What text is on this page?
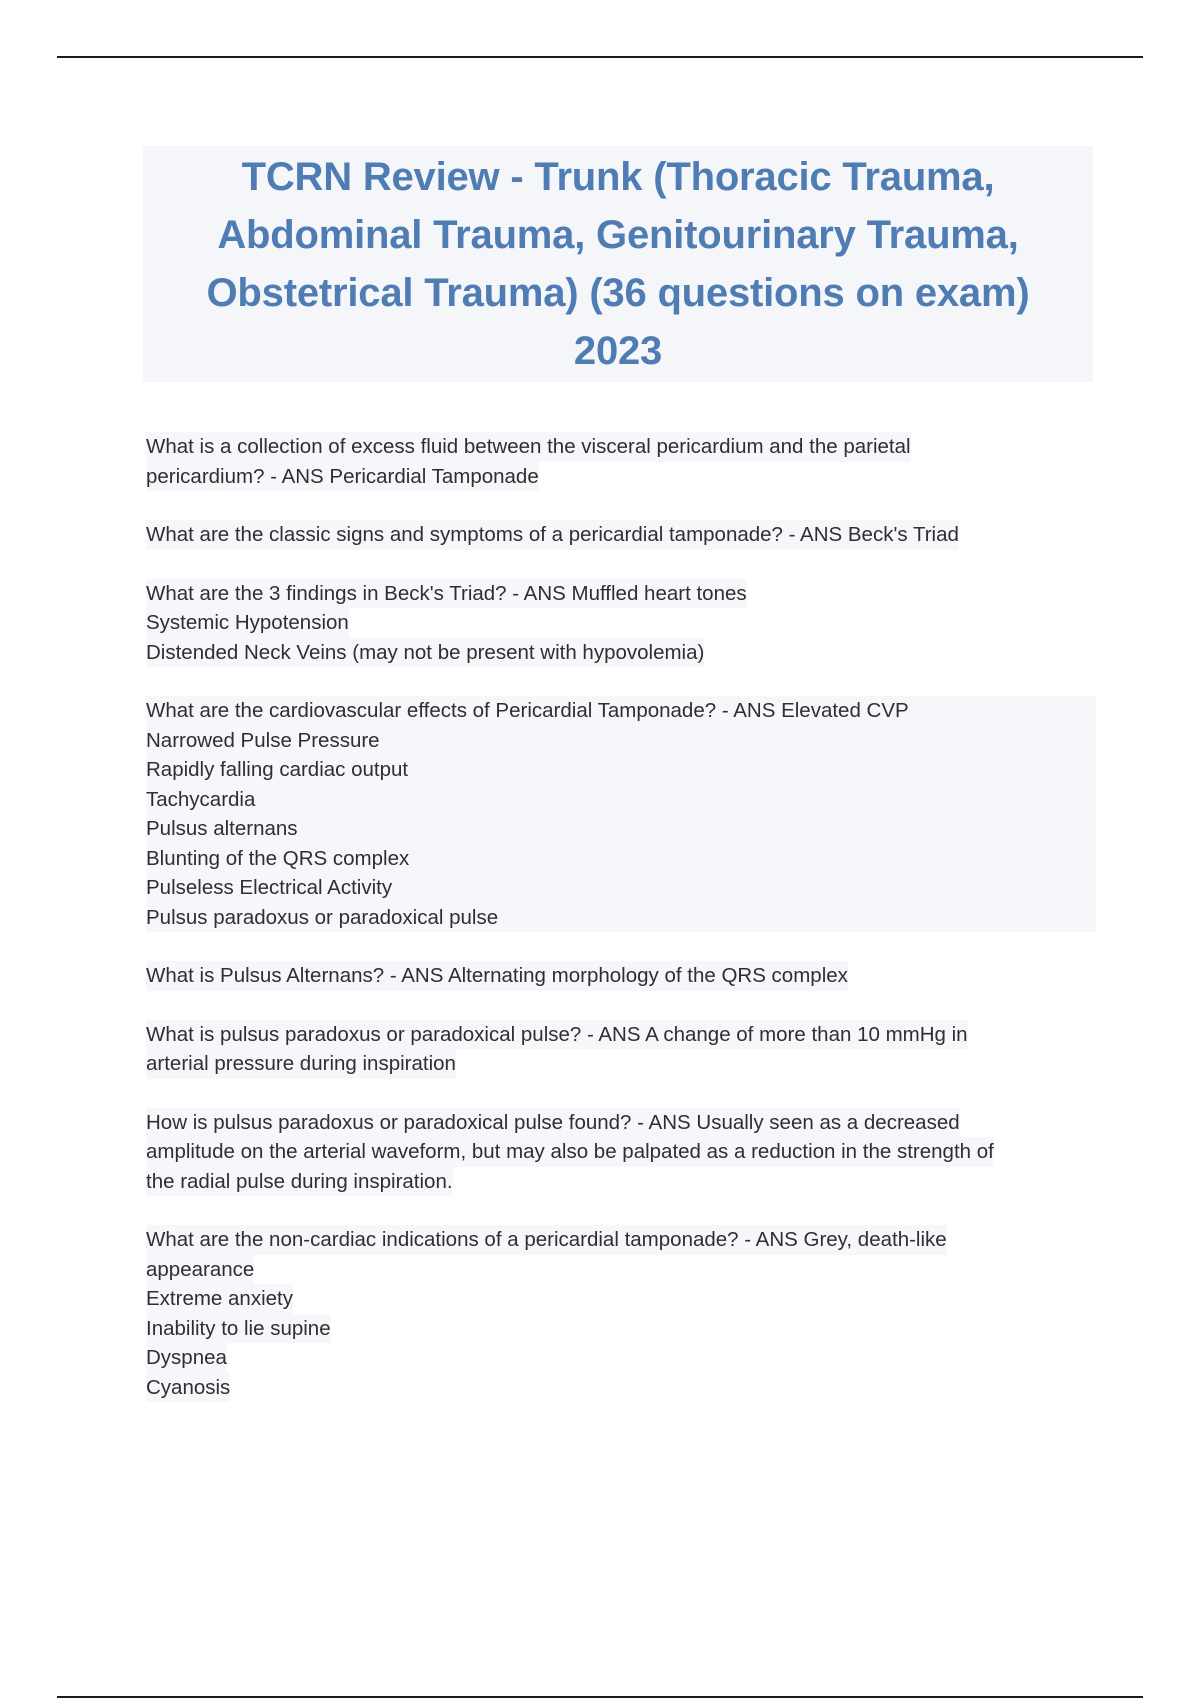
TCRN Review - Trunk (Thoracic Trauma, Abdominal Trauma, Genitourinary Trauma, Obstetrical Trauma) (36 questions on exam) 2023

What is a collection of excess fluid between the visceral pericardium and the parietal
pericardium? - ANS Pericardial Tamponade

What are the classic signs and symptoms of a pericardial tamponade? - ANS Beck's Triad

What are the 3 findings in Beck's Triad? - ANS Muffled heart tones
Systemic Hypotension
Distended Neck Veins (may not be present with hypovolemia)

What are the cardiovascular effects of Pericardial Tamponade? - ANS Elevated CVP
Narrowed Pulse Pressure
Rapidly falling cardiac output
Tachycardia
Pulsus alternans
Blunting of the QRS complex
Pulseless Electrical Activity
Pulsus paradoxus or paradoxical pulse

What is Pulsus Alternans? - ANS Alternating morphology of the QRS complex

What is pulsus paradoxus or paradoxical pulse? - ANS A change of more than 10 mmHg in
arterial pressure during inspiration

How is pulsus paradoxus or paradoxical pulse found? - ANS Usually seen as a decreased
amplitude on the arterial waveform, but may also be palpated as a reduction in the strength of
the radial pulse during inspiration.

What are the non-cardiac indications of a pericardial tamponade? - ANS Grey, death-like
appearance
Extreme anxiety
Inability to lie supine
Dyspnea
Cyanosis
